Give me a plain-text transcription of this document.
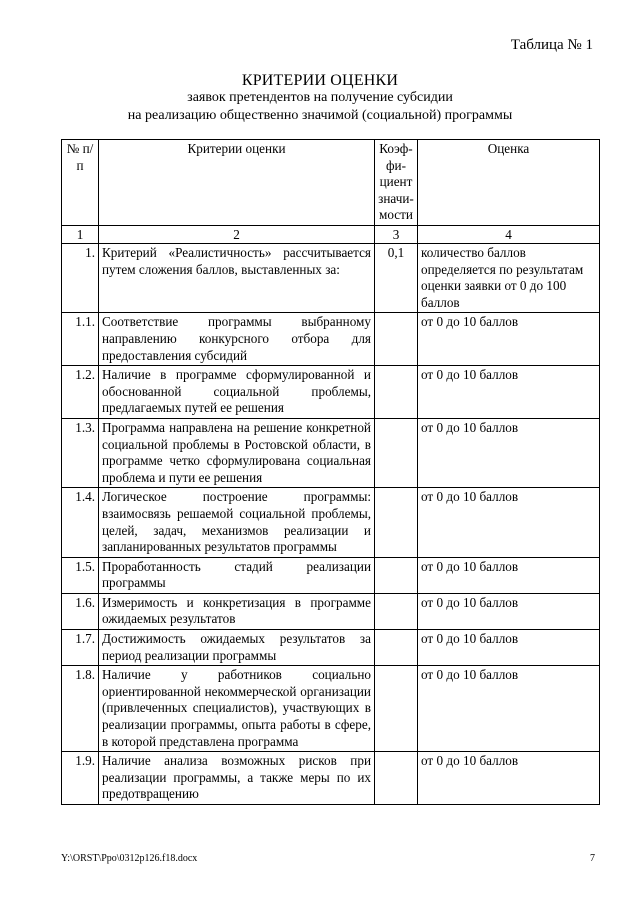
Таблица № 1
КРИТЕРИИ ОЦЕНКИ
заявок претендентов на получение субсидии
на реализацию общественно значимой (социальной) программы
№ п/п	Критерии оценки	Коэф- фи- циент значи- мости	Оценка
1	2	3	4
1.	Критерий «Реалистичность» рассчитывается путем сложения баллов, выставленных за:	0,1	количество баллов определяется по результатам оценки заявки от 0 до 100 баллов
1.1.	Соответствие программы выбранному направлению конкурсного отбора для предоставления субсидий		от 0 до 10 баллов
1.2.	Наличие в программе сформулированной и обоснованной социальной проблемы, предлагаемых путей ее решения		от 0 до 10 баллов
1.3.	Программа направлена на решение конкретной социальной проблемы в Ростовской области, в программе четко сформулирована социальная проблема и пути ее решения		от 0 до 10 баллов
1.4.	Логическое построение программы: взаимосвязь решаемой социальной проблемы, целей, задач, механизмов реализации и запланированных результатов программы		от 0 до 10 баллов
1.5.	Проработанность стадий реализации программы		от 0 до 10 баллов
1.6.	Измеримость и конкретизация в программе ожидаемых результатов		от 0 до 10 баллов
1.7.	Достижимость ожидаемых результатов за период реализации программы		от 0 до 10 баллов
1.8.	Наличие у работников социально ориентированной некоммерческой организации (привлеченных специалистов), участвующих в реализации программы, опыта работы в сфере, в которой представлена программа		от 0 до 10 баллов
1.9.	Наличие анализа возможных рисков при реализации программы, а также меры по их предотвращению		от 0 до 10 баллов
Y:\ORST\Ppo\0312p126.f18.docx	7
